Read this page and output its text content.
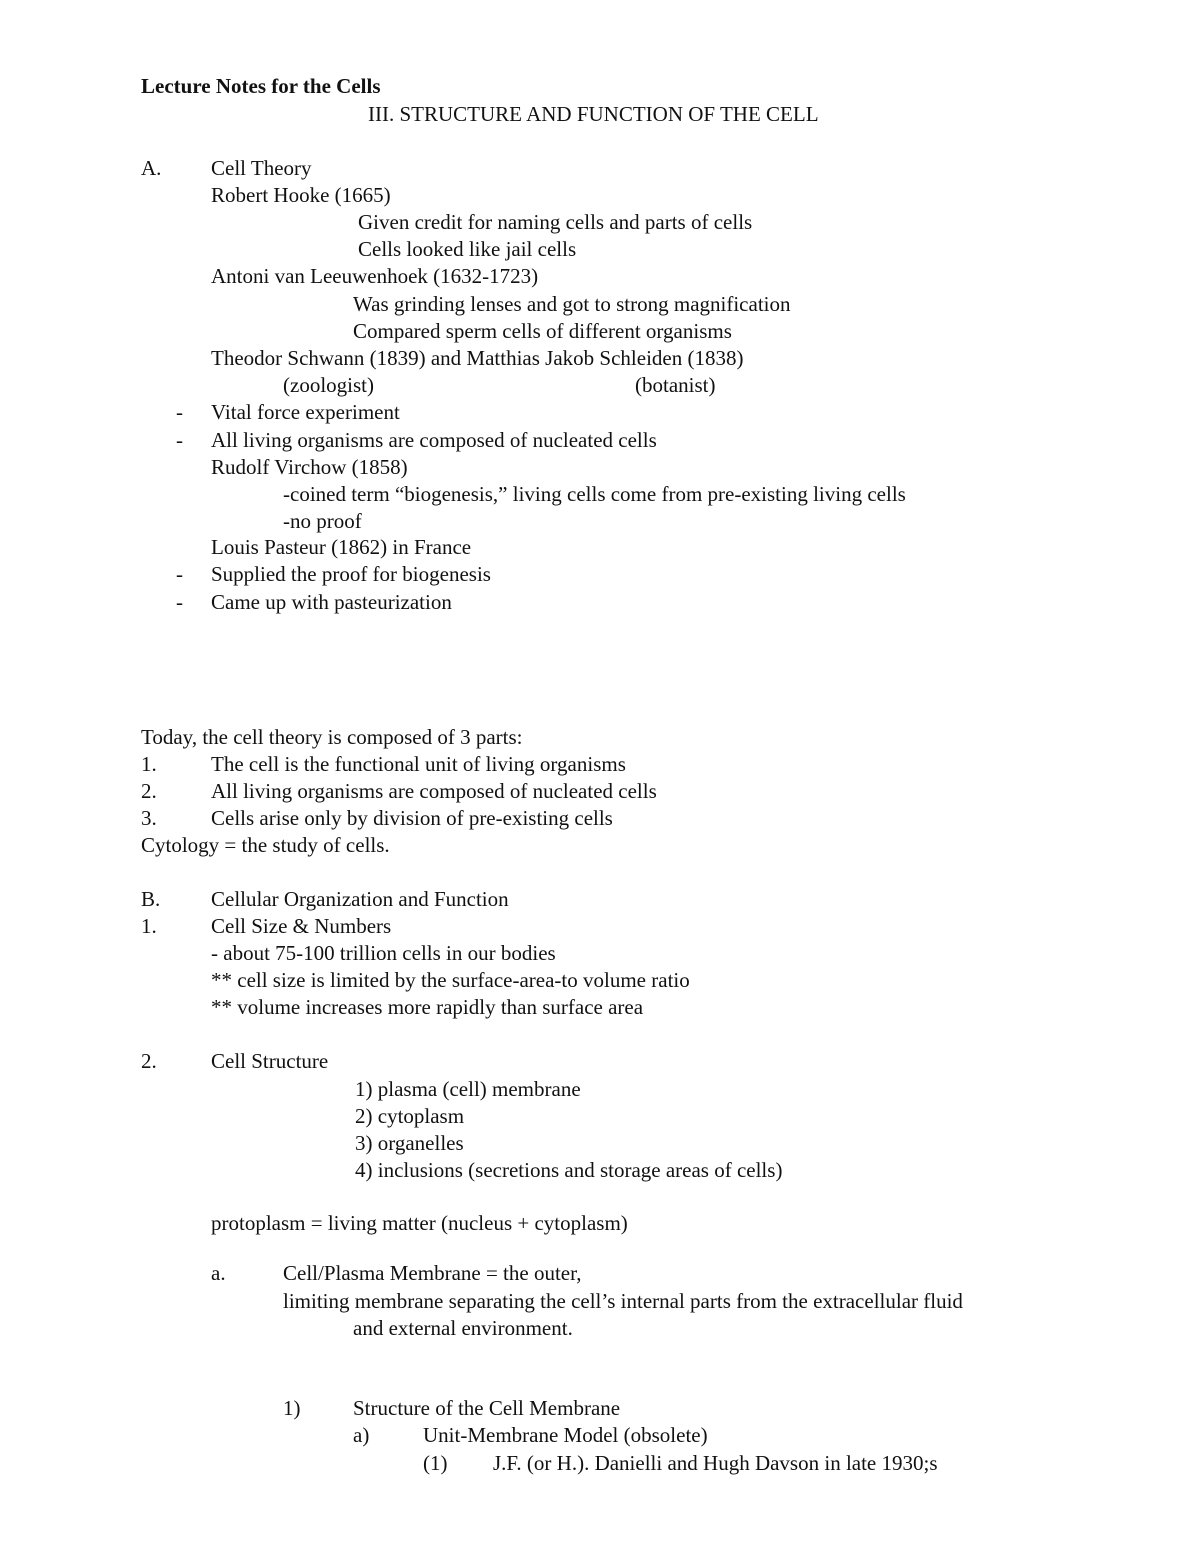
Lecture Notes for the Cells
III. STRUCTURE AND FUNCTION OF THE CELL
A. Cell Theory
Robert Hooke (1665)
Given credit for naming cells and parts of cells
Cells looked like jail cells
Antoni van Leeuwenhoek (1632-1723)
Was grinding lenses and got to strong magnification
Compared sperm cells of different organisms
Theodor Schwann (1839) and Matthias Jakob Schleiden (1838)
(zoologist)	(botanist)
- Vital force experiment
- All living organisms are composed of nucleated cells
Rudolf Virchow (1858)
-coined term “biogenesis,” living cells come from pre-existing living cells
-no proof
Louis Pasteur (1862) in France
- Supplied the proof for biogenesis
- Came up with pasteurization
Today, the cell theory is composed of 3 parts:
1.	The cell is the functional unit of living organisms
2.	All living organisms are composed of nucleated cells
3.	Cells arise only by division of pre-existing cells
Cytology = the study of cells.
B. Cellular Organization and Function
1.	Cell Size & Numbers
- about 75-100 trillion cells in our bodies
** cell size is limited by the surface-area-to volume ratio
** volume increases more rapidly than surface area
2.	Cell Structure
1) plasma (cell) membrane
2) cytoplasm
3) organelles
4) inclusions (secretions and storage areas of cells)
protoplasm = living matter (nucleus + cytoplasm)
a.	Cell/Plasma Membrane = the outer,
limiting membrane separating the cell’s internal parts from the extracellular fluid
and external environment.
1)	Structure of the Cell Membrane
a)	Unit-Membrane Model (obsolete)
(1) J.F. (or H.). Danielli and Hugh Davson in late 1930;s
